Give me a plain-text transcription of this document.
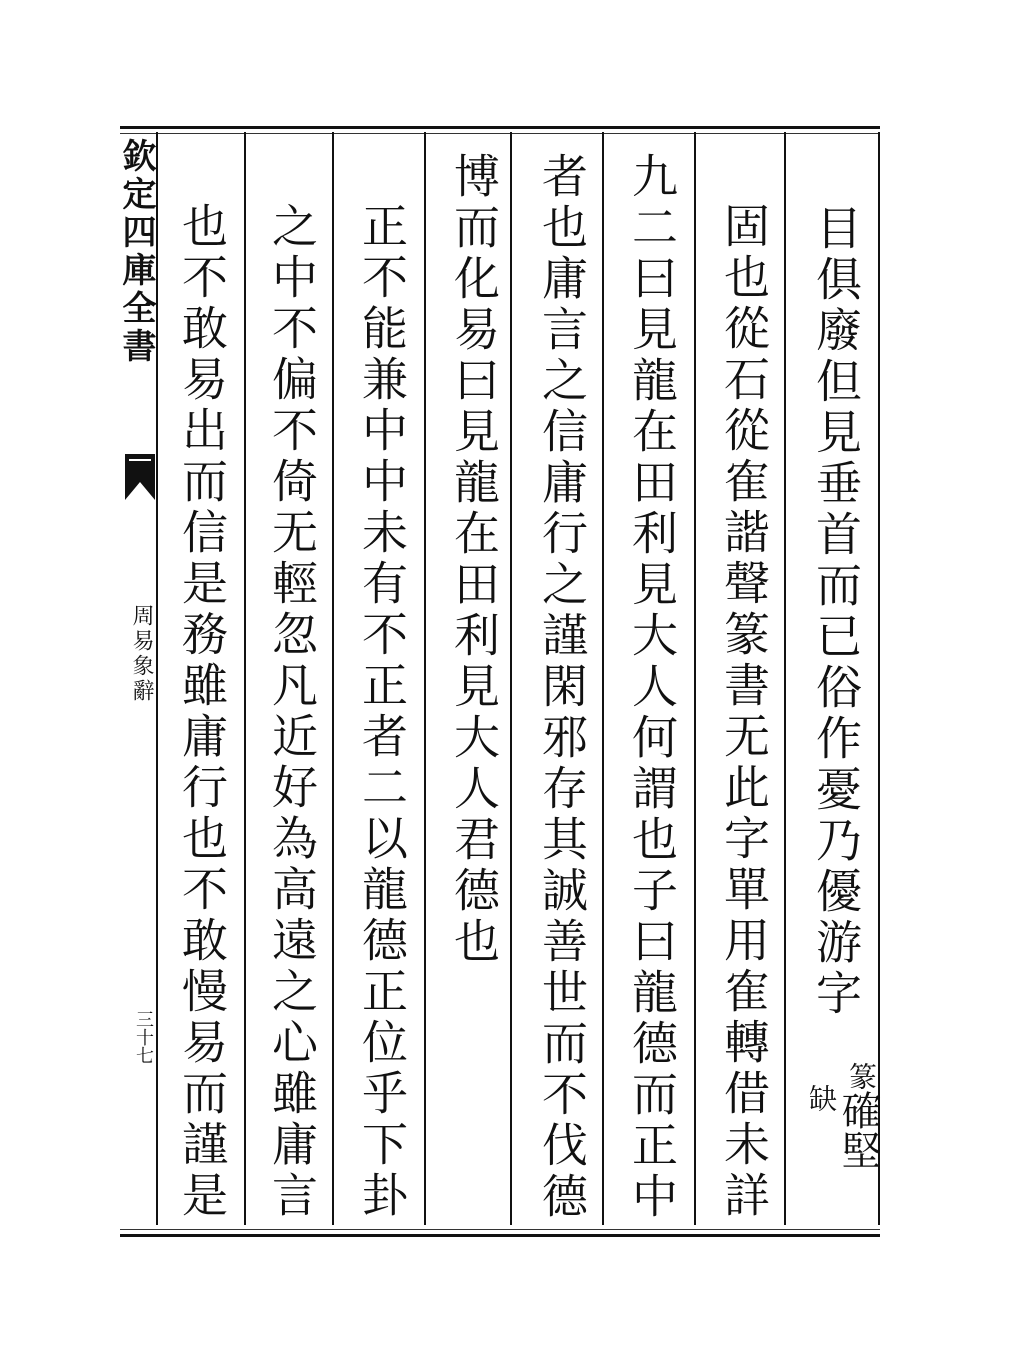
欽定四庫全書
周易象辭
三十七
目俱廢但見垂首而已俗作憂乃優游字
固也從石從隺諧聲篆書无此字單用隺轉借未詳
九二曰見龍在田利見大人何謂也子曰龍德而正中
者也庸言之信庸行之謹閑邪存其誠善世而不伐德
博而化易曰見龍在田利見大人君德也
正不能兼中中未有不正者二以龍德正位乎下卦
之中不偏不倚无輕忽凡近好為高遠之心雖庸言
也不敢易出而信是務雖庸行也不敢慢易而謹是	篆
缺
確堅
